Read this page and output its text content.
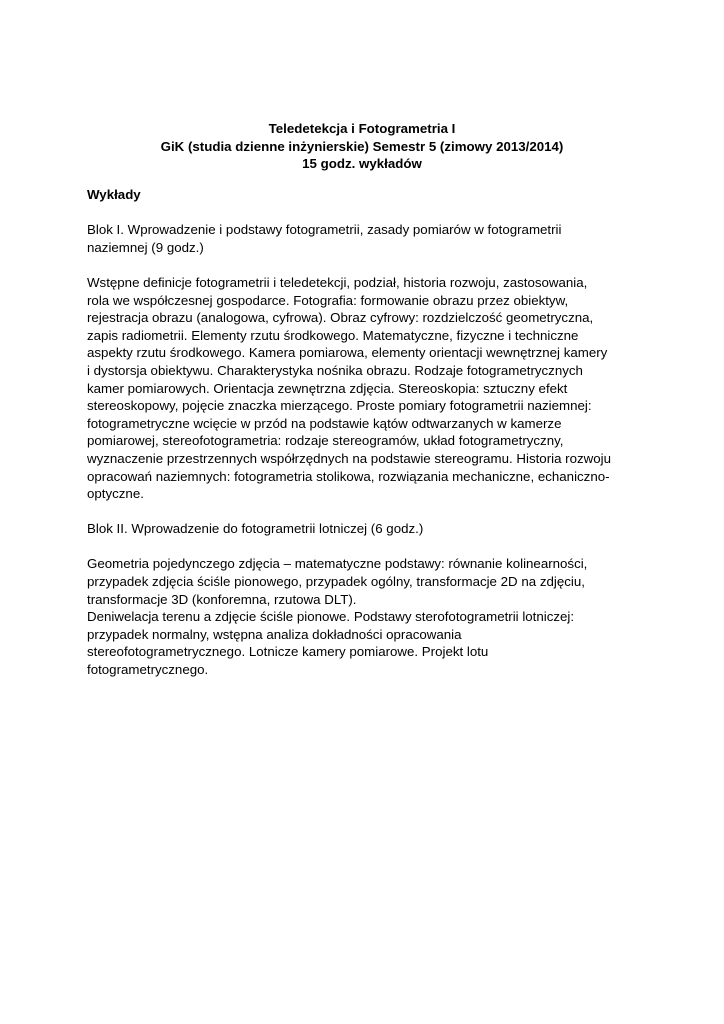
Teledetekcja i Fotogrametria I
GiK (studia dzienne inżynierskie) Semestr 5 (zimowy 2013/2014)
15 godz. wykładów
Wykłady
Blok I. Wprowadzenie i podstawy fotogrametrii, zasady pomiarów w fotogrametrii
naziemnej (9 godz.)
Wstępne definicje fotogrametrii i teledetekcji, podział, historia rozwoju, zastosowania,
rola we współczesnej gospodarce. Fotografia: formowanie obrazu przez obiektyw,
rejestracja obrazu (analogowa, cyfrowa). Obraz cyfrowy: rozdzielczość geometryczna,
zapis radiometrii. Elementy rzutu środkowego. Matematyczne, fizyczne i techniczne
aspekty rzutu środkowego. Kamera pomiarowa, elementy orientacji wewnętrznej kamery
i dystorsja obiektywu. Charakterystyka nośnika obrazu. Rodzaje fotogrametrycznych
kamer pomiarowych. Orientacja zewnętrzna zdjęcia. Stereoskopia: sztuczny efekt
stereoskopowy, pojęcie znaczka mierzącego. Proste pomiary fotogrametrii naziemnej:
fotogrametryczne wcięcie w przód na podstawie kątów odtwarzanych w kamerze
pomiarowej, stereofotogrametria: rodzaje stereogramów, układ fotogrametryczny,
wyznaczenie przestrzennych współrzędnych na podstawie stereogramu. Historia rozwoju
opracowań naziemnych: fotogrametria stolikowa, rozwiązania mechaniczne, echaniczno-
optyczne.
Blok II. Wprowadzenie do fotogrametrii lotniczej (6 godz.)
Geometria pojedynczego zdjęcia – matematyczne podstawy: równanie kolinearności,
przypadek zdjęcia ściśle pionowego, przypadek ogólny, transformacje 2D na zdjęciu,
transformacje 3D (konforemna, rzutowa DLT).
Deniwelacja terenu a zdjęcie ściśle pionowe. Podstawy sterofotogrametrii lotniczej:
przypadek normalny, wstępna analiza dokładności opracowania
stereofotogrametrycznego. Lotnicze kamery pomiarowe. Projekt lotu
fotogrametrycznego.
